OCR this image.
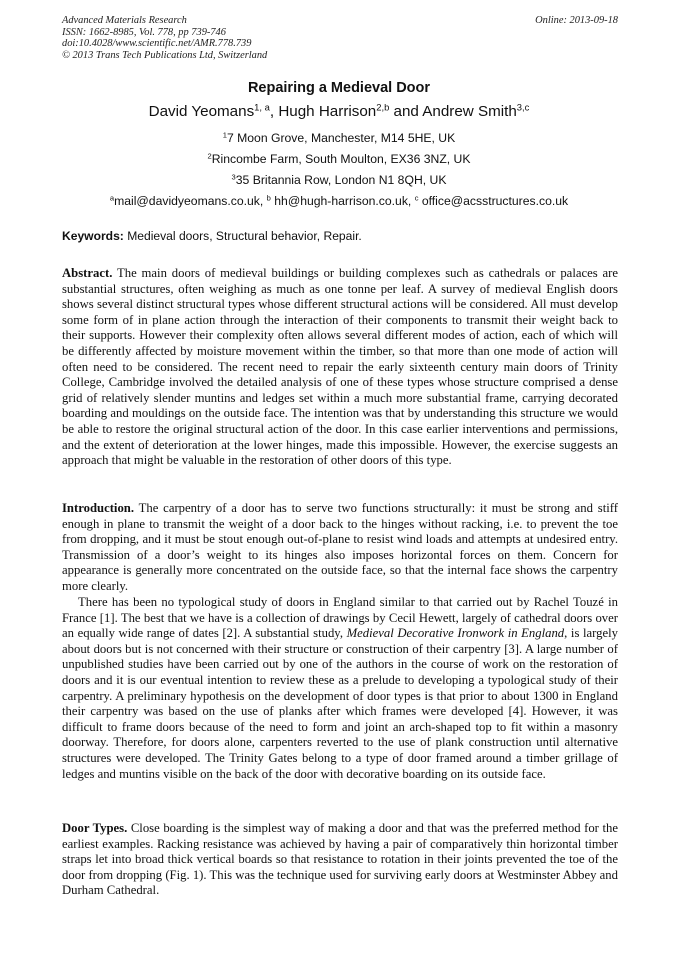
Advanced Materials Research
ISSN: 1662-8985, Vol. 778, pp 739-746
doi:10.4028/www.scientific.net/AMR.778.739
© 2013 Trans Tech Publications Ltd, Switzerland
Online: 2013-09-18
Repairing a Medieval Door
David Yeomans$^{1, a}$, Hugh Harrison$^{2,b}$ and Andrew Smith$^{3,c}$
$^1$7 Moon Grove, Manchester, M14 5HE, UK
$^2$Rincombe Farm, South Moulton, EX36 3NZ, UK
$^3$35 Britannia Row, London N1 8QH, UK
$^a$mail@davidyeomans.co.uk, $^b$ hh@hugh-harrison.co.uk, $^c$ office@acsstructures.co.uk
Keywords: Medieval doors, Structural behavior, Repair.

Abstract. The main doors of medieval buildings or building complexes such as cathedrals or palaces are substantial structures, often weighing as much as one tonne per leaf. A survey of medieval English doors shows several distinct structural types whose different structural actions will be considered. All must develop some form of in plane action through the interaction of their components to transmit their weight back to their supports. However their complexity often allows several different modes of action, each of which will be differently affected by moisture movement within the timber, so that more than one mode of action will often need to be considered. The recent need to repair the early sixteenth century main doors of Trinity College, Cambridge involved the detailed analysis of one of these types whose structure comprised a dense grid of relatively slender muntins and ledges set within a much more substantial frame, carrying decorated boarding and mouldings on the outside face. The intention was that by understanding this structure we would be able to restore the original structural action of the door. In this case earlier interventions and permissions, and the extent of deterioration at the lower hinges, made this impossible. However, the exercise suggests an approach that might be valuable in the restoration of other doors of this type.

Introduction. The carpentry of a door has to serve two functions structurally: it must be strong and stiff enough in plane to transmit the weight of a door back to the hinges without racking, i.e. to prevent the toe from dropping, and it must be stout enough out-of-plane to resist wind loads and attempts at undesired entry. Transmission of a door’s weight to its hinges also imposes horizontal forces on them. Concern for appearance is generally more concentrated on the outside face, so that the internal face shows the carpentry more clearly.

There has been no typological study of doors in England similar to that carried out by Rachel Touzé in France [1]. The best that we have is a collection of drawings by Cecil Hewett, largely of cathedral doors over an equally wide range of dates [2]. A substantial study, Medieval Decorative Ironwork in England, is largely about doors but is not concerned with their structure or construction of their carpentry [3]. A large number of unpublished studies have been carried out by one of the authors in the course of work on the restoration of doors and it is our eventual intention to review these as a prelude to developing a typological study of their carpentry. A preliminary hypothesis on the development of door types is that prior to about 1300 in England their carpentry was based on the use of planks after which frames were developed [4]. However, it was difficult to frame doors because of the need to form and joint an arch-shaped top to fit within a masonry doorway. Therefore, for doors alone, carpenters reverted to the use of plank construction until alternative structures were developed. The Trinity Gates belong to a type of door framed around a timber grillage of ledges and muntins visible on the back of the door with decorative boarding on its outside face.

Door Types. Close boarding is the simplest way of making a door and that was the preferred method for the earliest examples. Racking resistance was achieved by having a pair of comparatively thin horizontal timber straps let into broad thick vertical boards so that resistance to rotation in their joints prevented the toe of the door from dropping (Fig. 1). This was the technique used for surviving early doors at Westminster Abbey and Durham Cathedral.
